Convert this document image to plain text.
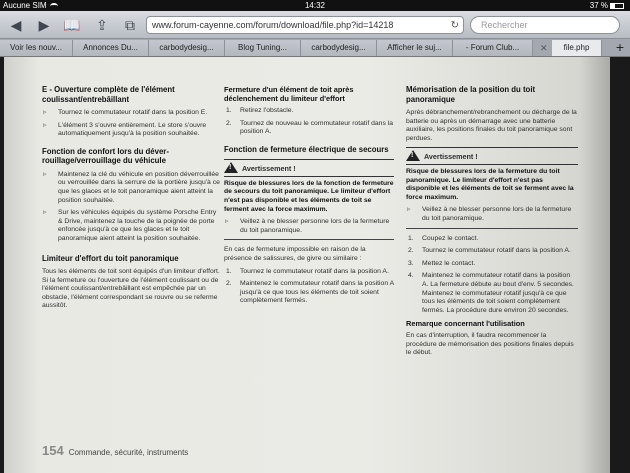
Aucune SIM	14:32	37 %
◀	▶ 📖 ⇪	⧉	www.forum-cayenne.com/forum/download/file.php?id=14218	↻	Rechercher
Voir les nouv...	Annonces Du...	carbodydesig...	Blog Tuning...	carbodydesig...	Afficher le suj...	- Forum Club...	✕	file.php	+
E - Ouverture complète de l'élément coulissant/entrebâillant
▹ Tournez le commutateur rotatif dans la position E.
▹ L'élément 3 s'ouvre entièrement. Le store s'ouvre automatiquement jusqu'à la position souhaitée.
Fonction de confort lors du déver-rouillage/verrouillage du véhicule
▹ Maintenez la clé du véhicule en position déverrouillée ou verrouillée dans la serrure de la portière jusqu'à ce que les glaces et le toit panoramique aient atteint la position souhaitée.
▹ Sur les véhicules équipés du système Porsche Entry & Drive, maintenez la touche de la poignée de porte enfoncée jusqu'à ce que les glaces et le toit panoramique aient atteint la position souhaitée.
Limiteur d'effort du toit panoramique
Tous les éléments de toit sont équipés d'un limiteur d'effort. Si la fermeture ou l'ouverture de l'élément coulissant ou de l'élément coulissant/entrebâillant est empêchée par un obstacle, l'élément correspondant se rouvre ou se referme aussitôt.
Fermeture d'un élément de toit après déclenchement du limiteur d'effort
1. Retirez l'obstacle.
2. Tournez de nouveau le commutateur rotatif dans la position A.
Fonction de fermeture électrique de secours
!Avertissement !
Risque de blessures lors de la fonction de fermeture de secours du toit panoramique. Le limiteur d'effort n'est pas disponible et les éléments de toit se ferment avec la force maximum.
▹ Veillez à ne blesser personne lors de la fermeture du toit panoramique.
En cas de fermeture impossible en raison de la présence de salissures, de givre ou similaire :
1. Tournez le commutateur rotatif dans la position A.
2. Maintenez le commutateur rotatif dans la position A jusqu'à ce que tous les éléments de toit soient complètement fermés.
Mémorisation de la position du toit panoramique
Après débranchement/rebranchement ou décharge de la batterie ou après un démarrage avec une batterie auxiliaire, les positions finales du toit panoramique sont perdues.
!Avertissement !
Risque de blessures lors de la fermeture du toit panoramique. Le limiteur d'effort n'est pas disponible et les éléments de toit se ferment avec la force maximum.
▹ Veillez à ne blesser personne lors de la fermeture du toit panoramique.
1. Coupez le contact.
2. Tournez le commutateur rotatif dans la position A.
3. Mettez le contact.
4. Maintenez le commutateur rotatif dans la position A. La fermeture débute au bout d'env. 5 secondes. Maintenez le commutateur rotatif jusqu'à ce que tous les éléments de toit soient complètement fermés. La procédure dure environ 20 secondes.
Remarque concernant l'utilisation
En cas d'interruption, il faudra recommencer la procédure de mémorisation des positions finales depuis le début.
154 Commande, sécurité, instruments
